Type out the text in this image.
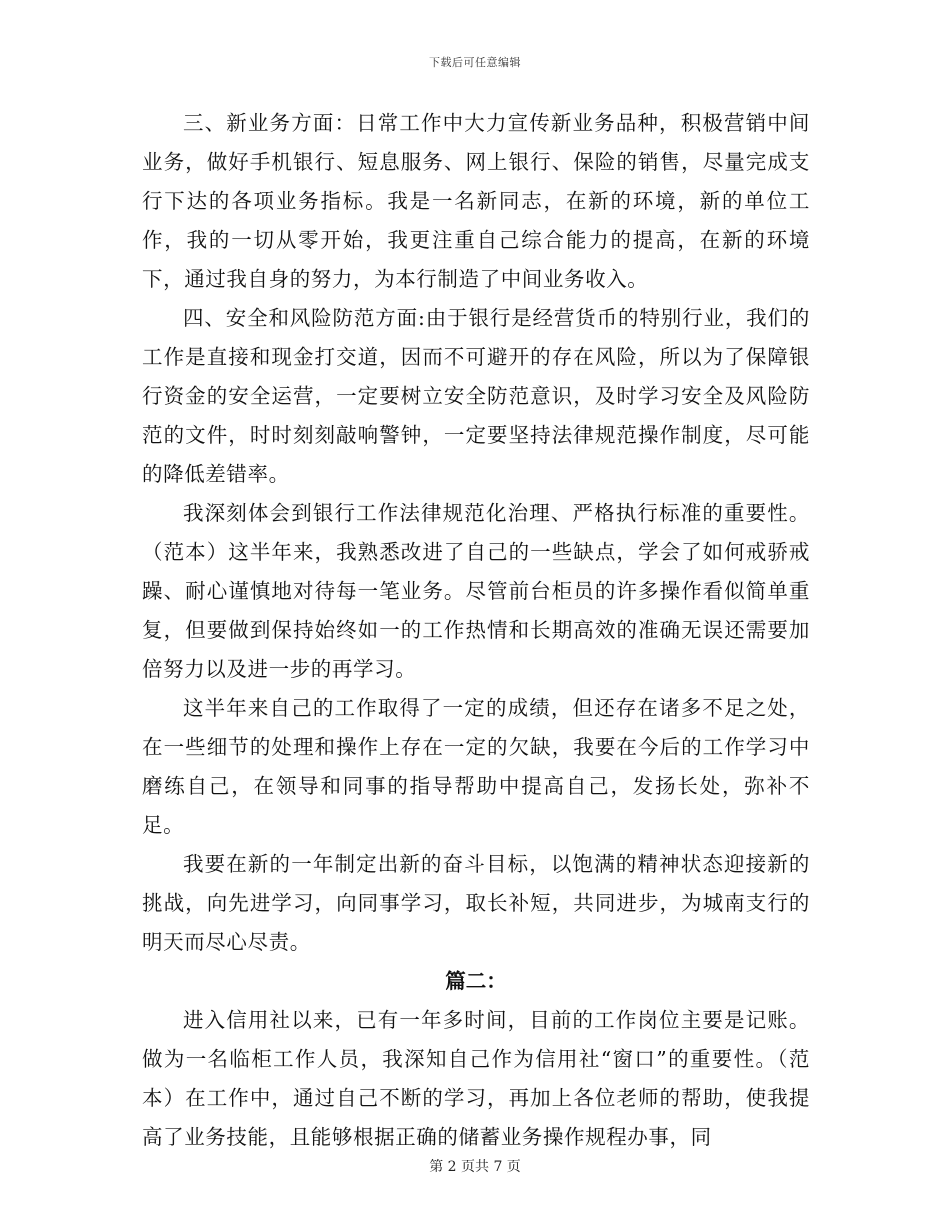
下载后可任意编辑

三、新业务方面：日常工作中大力宣传新业务品种，积极营销中间业务，做好手机银行、短息服务、网上银行、保险的销售，尽量完成支行下达的各项业务指标。我是一名新同志，在新的环境，新的单位工作，我的一切从零开始，我更注重自己综合能力的提高，在新的环境下，通过我自身的努力，为本行制造了中间业务收入。

四、安全和风险防范方面:由于银行是经营货币的特别行业，我们的工作是直接和现金打交道，因而不可避开的存在风险，所以为了保障银行资金的安全运营，一定要树立安全防范意识，及时学习安全及风险防范的文件，时时刻刻敲响警钟，一定要坚持法律规范操作制度，尽可能的降低差错率。

我深刻体会到银行工作法律规范化治理、严格执行标准的重要性。（范本）这半年来，我熟悉改进了自己的一些缺点，学会了如何戒骄戒躁、耐心谨慎地对待每一笔业务。尽管前台柜员的许多操作看似简单重复，但要做到保持始终如一的工作热情和长期高效的准确无误还需要加倍努力以及进一步的再学习。

这半年来自己的工作取得了一定的成绩，但还存在诸多不足之处，在一些细节的处理和操作上存在一定的欠缺，我要在今后的工作学习中磨练自己，在领导和同事的指导帮助中提高自己，发扬长处，弥补不足。

我要在新的一年制定出新的奋斗目标，以饱满的精神状态迎接新的挑战，向先进学习，向同事学习，取长补短，共同进步，为城南支行的明天而尽心尽责。

篇二：

进入信用社以来，已有一年多时间，目前的工作岗位主要是记账。做为一名临柜工作人员，我深知自己作为信用社“窗口”的重要性。（范本）在工作中，通过自己不断的学习，再加上各位老师的帮助，使我提高了业务技能，且能够根据正确的储蓄业务操作规程办事，同

第 2 页共 7 页
